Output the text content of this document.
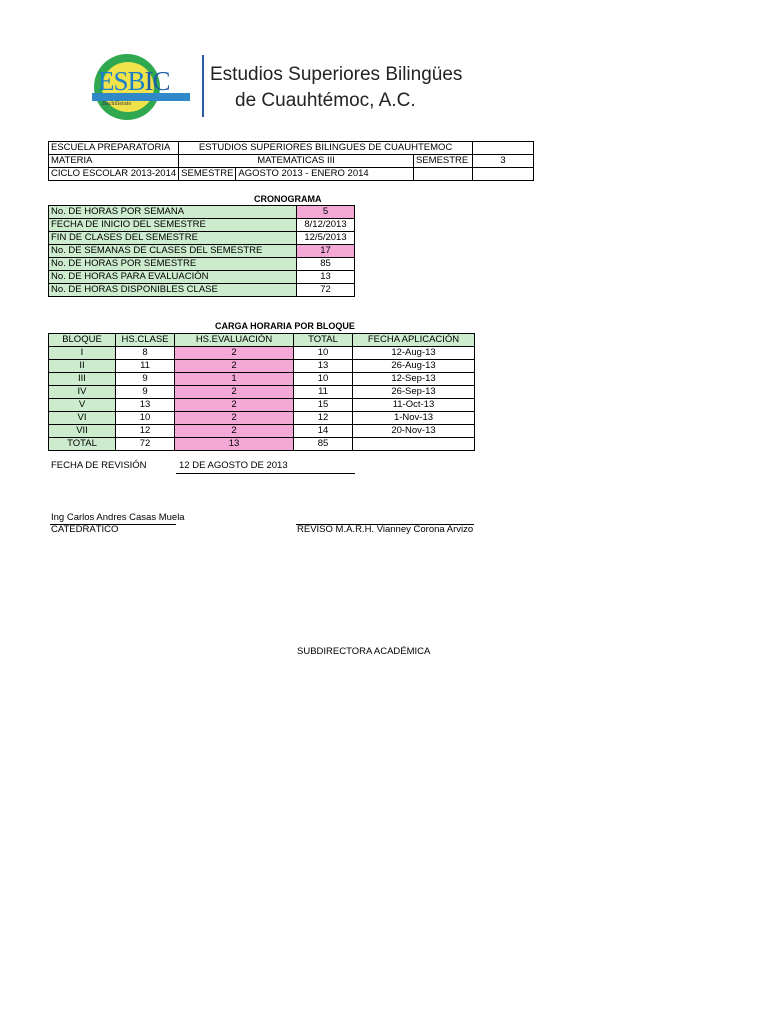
ESBIC
Bachillerato
Estudios Superiores Bilingües
de Cuauhtémoc, A.C.
ESCUELA PREPARATORIA	ESTUDIOS SUPERIORES BILINGUES DE CUAUHTEMOC			
MATERIA	MATEMATICAS III		SEMESTRE	3
CICLO ESCOLAR 2013-2014	SEMESTRE	AGOSTO 2013 - ENERO 2014		
CRONOGRAMA
No. DE HORAS POR SEMANA	5
FECHA DE INICIO DEL SEMESTRE	8/12/2013
FIN DE CLASES DEL SEMESTRE	12/5/2013
No. DE SEMANAS DE CLASES DEL SEMESTRE	17
No. DE HORAS POR SEMESTRE	85
No. DE HORAS PARA EVALUACIÓN	13
No. DE HORAS DISPONIBLES CLASE	72
CARGA HORARIA POR BLOQUE
BLOQUE	HS.CLASE	HS.EVALUACIÓN	TOTAL	FECHA APLICACIÓN
I	8	2	10	12-Aug-13
II	11	2	13	26-Aug-13
III	9	1	10	12-Sep-13
IV	9	2	11	26-Sep-13
V	13	2	15	11-Oct-13
VI	10	2	12	1-Nov-13
VII	12	2	14	20-Nov-13
TOTAL	72	13	85	
FECHA DE REVISIÓN	12 DE AGOSTO DE 2013
Ing Carlos Andres Casas Muela
CATEDRÁTICO	REVISO M.A.R.H. Vianney Corona Arvizo
SUBDIRECTORA ACADÉMICA
